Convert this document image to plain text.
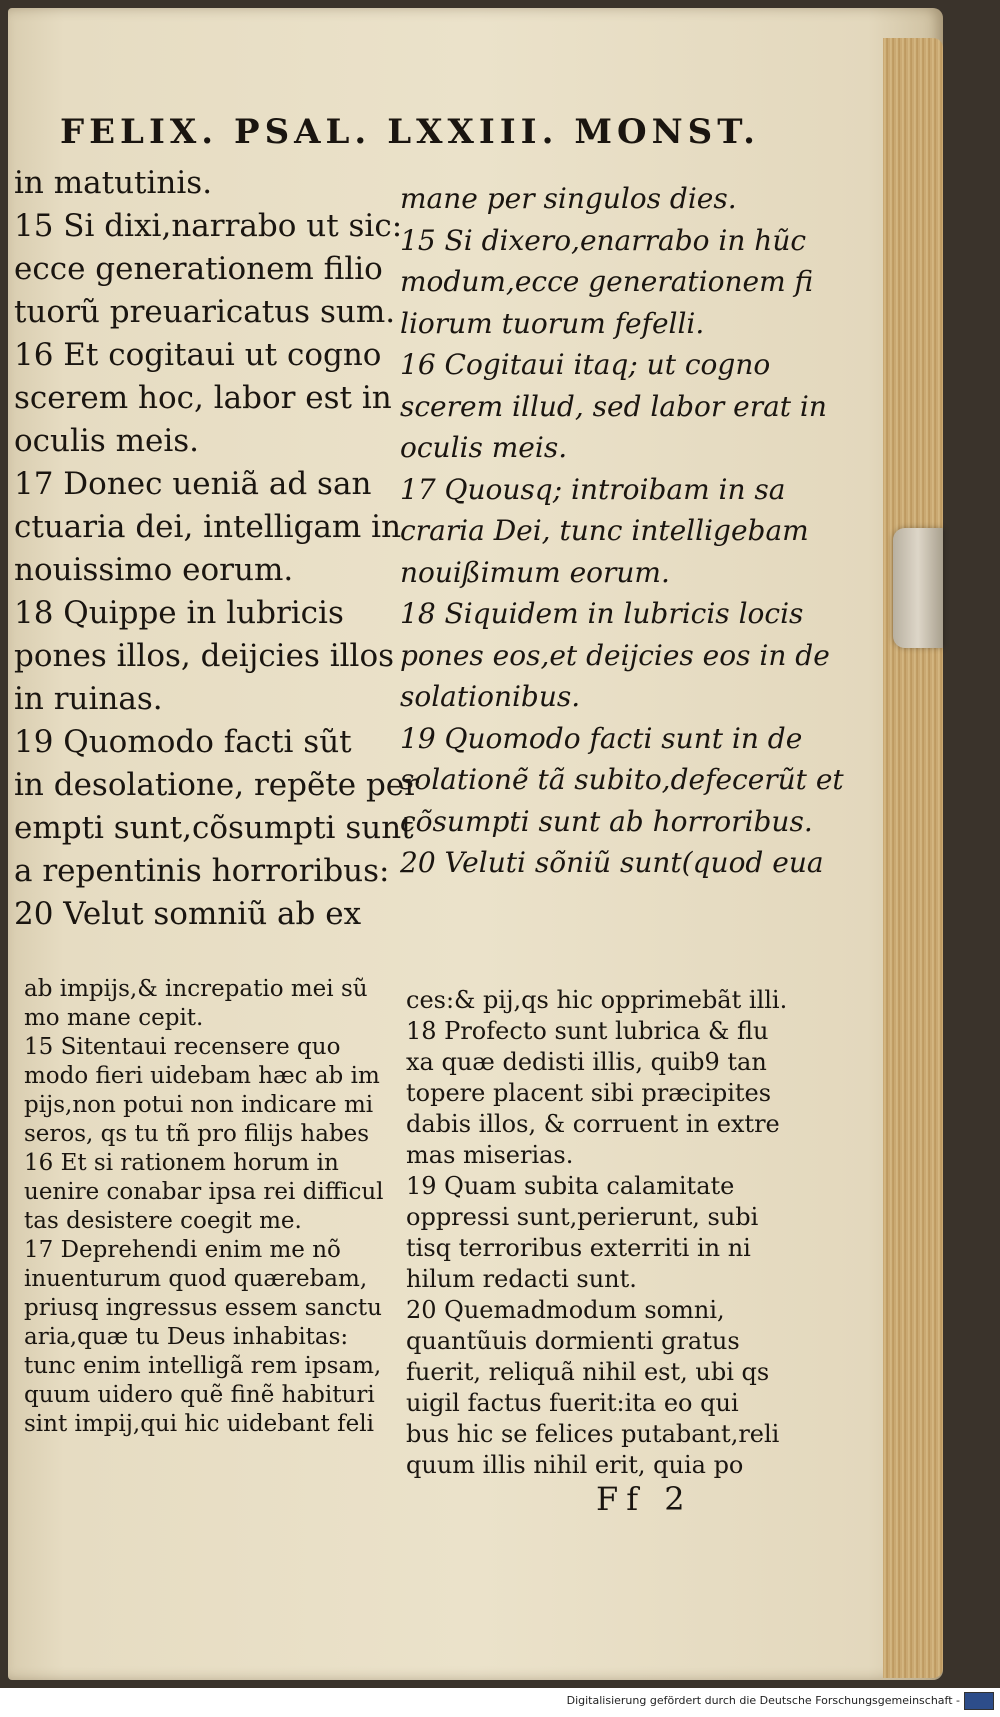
FELIX. PSAL. LXXIII. MONST.
in matutinis.
15 Si dixi,narrabo ut sic:
ecce generationem filio
tuorũ preuaricatus sum.
16 Et cogitaui ut cogno
scerem hoc, labor est in
oculis meis.
17 Donec ueniã ad san
ctuaria dei, intelligam in
nouissimo eorum.
18 Quippe in lubricis
pones illos, deijcies illos
in ruinas.
19 Quomodo facti sũt
in desolatione, repẽte per
empti sunt,cõsumpti sunt
a repentinis horroribus:
20 Velut somniũ ab ex
mane per singulos dies.
15 Si dixero,enarrabo in hũc
modum,ecce generationem fi
liorum tuorum fefelli.
16 Cogitaui itaq; ut cogno
scerem illud, sed labor erat in
oculis meis.
17 Quousq; introibam in sa
craria Dei, tunc intelligebam
nouißimum eorum.
18 Siquidem in lubricis locis
pones eos,et deijcies eos in de
solationibus.
19 Quomodo facti sunt in de
solationẽ tã subito,defecerũt et
cõsumpti sunt ab horroribus.
20 Veluti sõniũ sunt(quod eua
ab impijs,& increpatio mei sũ
mo mane cepit.
15 Sitentaui recensere quo
modo fieri uidebam hæc ab im
pijs,non potui non indicare mi
seros, qs tu tñ pro filijs habes
16 Et si rationem horum in
uenire conabar ipsa rei difficul
tas desistere coegit me.
17 Deprehendi enim me nõ
inuenturum quod quærebam,
priusq ingressus essem sanctu
aria,quæ tu Deus inhabitas:
tunc enim intelligã rem ipsam,
quum uidero quẽ finẽ habituri
sint impij,qui hic uidebant feli
ces:& pij,qs hic opprimebãt illi.
18 Profecto sunt lubrica & flu
xa quæ dedisti illis, quib9 tan
topere placent sibi præcipites
dabis illos, & corruent in extre
mas miserias.
19 Quam subita calamitate
oppressi sunt,perierunt, subi
tisq terroribus exterriti in ni
hilum redacti sunt.
20 Quemadmodum somni,
quantũuis dormienti gratus
fuerit, reliquã nihil est, ubi qs
uigil factus fuerit:ita eo qui
bus hic se felices putabant,reli
quum illis nihil erit, quia po
Ff 2
Digitalisierung gefördert durch die Deutsche Forschungsgemeinschaft -
